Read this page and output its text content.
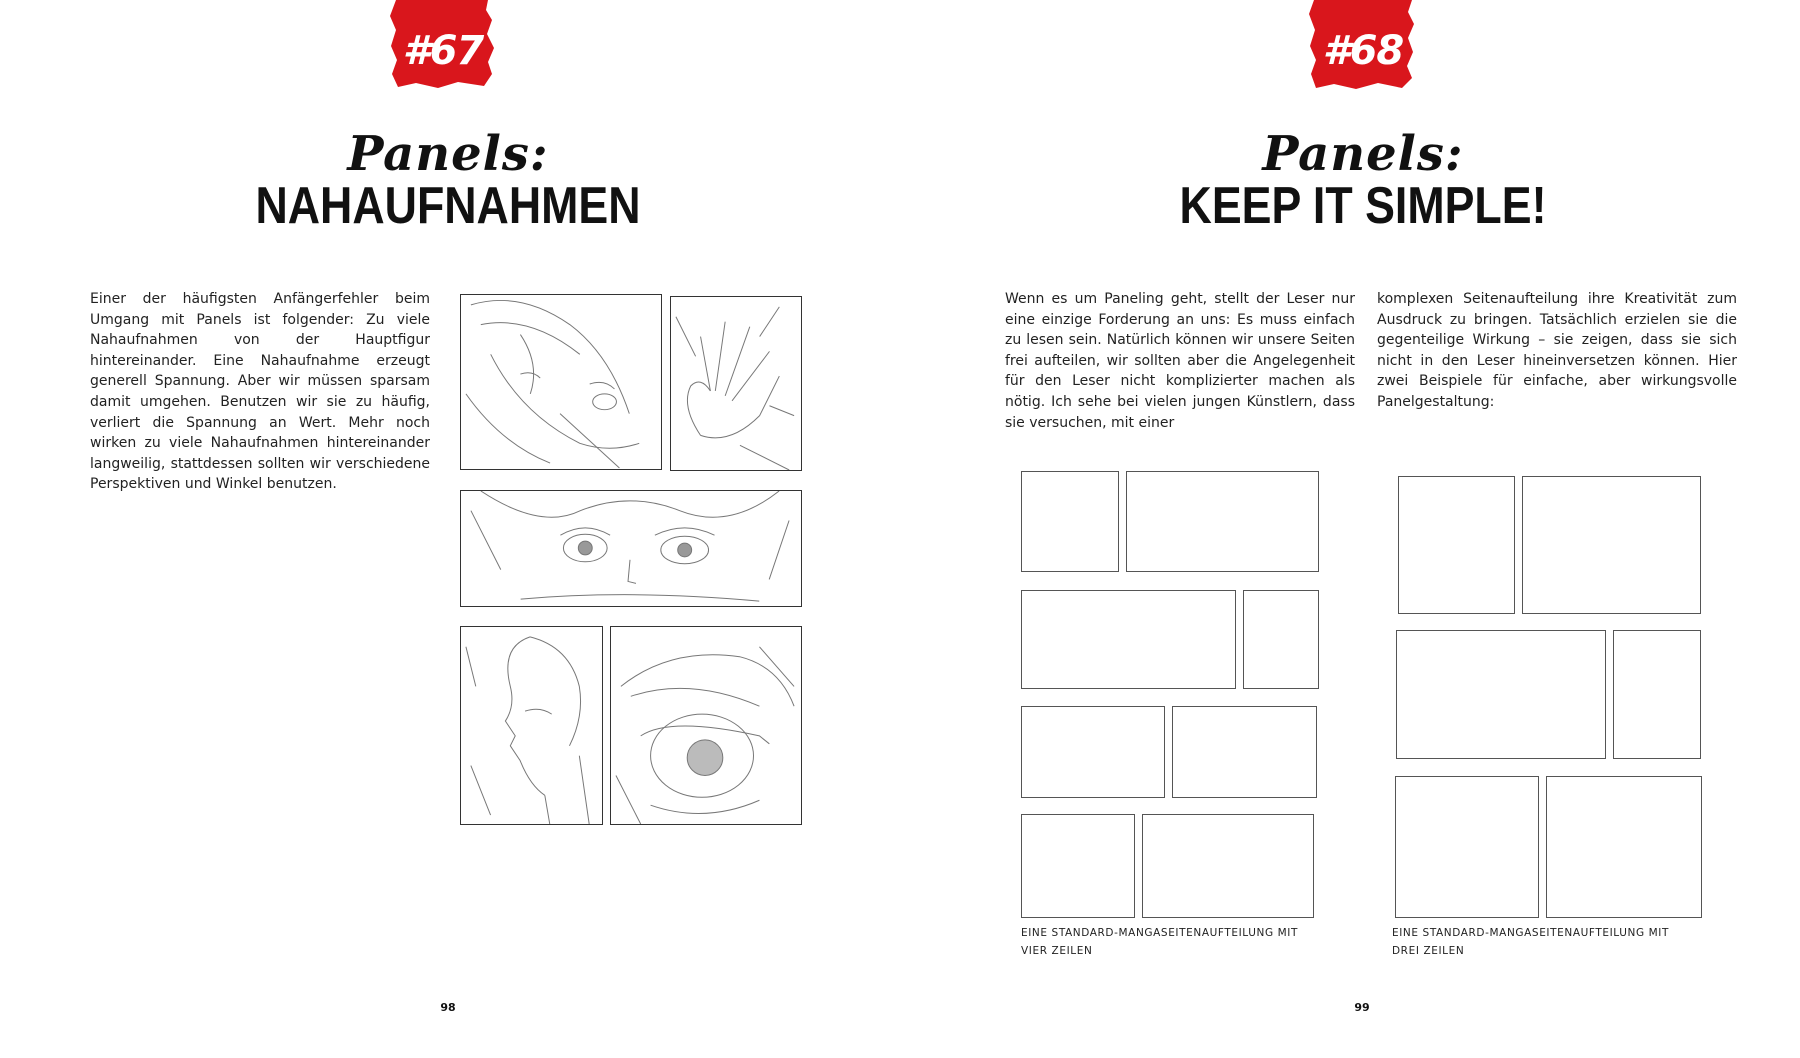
#67
Panels:
NAHAUFNAHMEN
Einer der häufigsten Anfängerfehler beim Umgang mit Panels ist folgender: Zu viele Nahaufnahmen von der Hauptfigur hintereinander. Eine Nahaufnahme erzeugt generell Spannung. Aber wir müssen sparsam damit umgehen. Benutzen wir sie zu häufig, verliert die Spannung an Wert. Mehr noch wirken zu viele Nahaufnahmen hintereinander langweilig, stattdessen sollten wir verschiedene Perspektiven und Winkel benutzen.
98
#68
Panels:
KEEP IT SIMPLE!
Wenn es um Paneling geht, stellt der Leser nur eine einzige Forderung an uns: Es muss einfach zu lesen sein. Natürlich können wir unsere Seiten frei aufteilen, wir sollten aber die Angelegenheit für den Leser nicht komplizierter machen als nötig. Ich sehe bei vielen jungen Künstlern, dass sie versuchen, mit einer
komplexen Seitenaufteilung ihre Kreativität zum Ausdruck zu bringen. Tatsächlich erzielen sie die gegenteilige Wirkung – sie zeigen, dass sie sich nicht in den Leser hineinversetzen können. Hier zwei Beispiele für einfache, aber wirkungsvolle Panelgestaltung:
EINE STANDARD-MANGASEITENAUFTEILUNG MIT VIER ZEILEN
EINE STANDARD-MANGASEITENAUFTEILUNG MIT DREI ZEILEN
99
